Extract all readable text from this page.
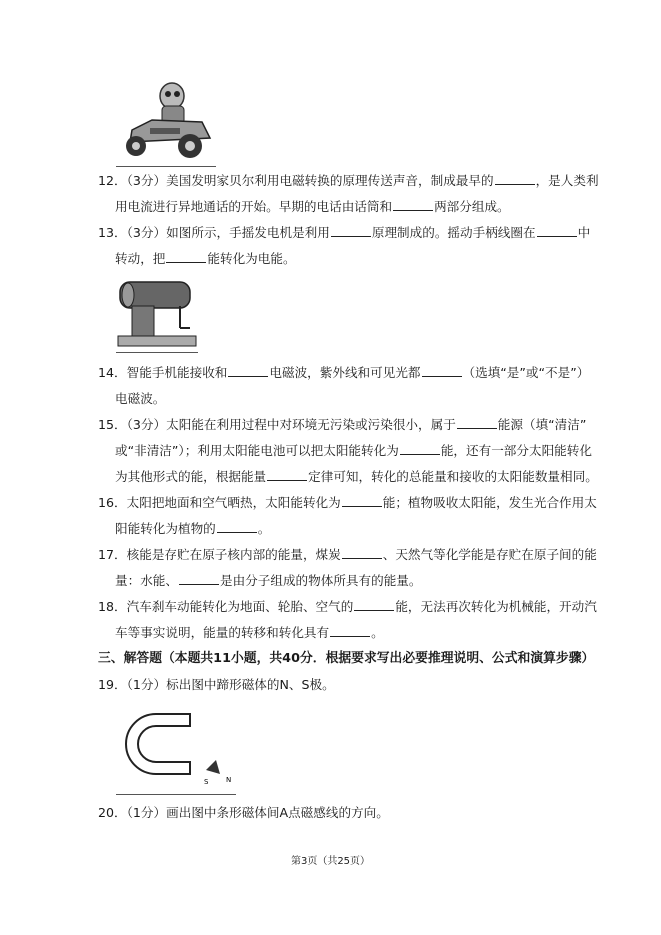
12．（3分）美国发明家贝尔利用电磁转换的原理传送声音，制成最早的	，是人类利
用电流进行异地通话的开始。早期的电话由话筒和	两部分组成。
13．（3分）如图所示，手摇发电机是利用	原理制成的。摇动手柄线圈在	中
转动，把	能转化为电能。
14．智能手机能接收和	电磁波，紫外线和可见光都	（选填“是”或“不是”）
电磁波。
15．（3分）太阳能在利用过程中对环境无污染或污染很小，属于	能源（填“清洁”
或“非清洁”）；利用太阳能电池可以把太阳能转化为	能，还有一部分太阳能转化
为其他形式的能，根据能量	定律可知，转化的总能量和接收的太阳能数量相同。
16．太阳把地面和空气晒热，太阳能转化为	能；植物吸收太阳能，发生光合作用太
阳能转化为植物的	。
17．核能是存贮在原子核内部的能量，煤炭	、天然气等化学能是存贮在原子间的能
量：水能、	是由分子组成的物体所具有的能量。
18．汽车刹车动能转化为地面、轮胎、空气的	能，无法再次转化为机械能，开动汽
车等事实说明，能量的转移和转化具有	。
三、解答题（本题共11小题，共40分．根据要求写出必要推理说明、公式和演算步骤）
19．（1分）标出图中蹄形磁体的N、S极。
S	N
20．（1分）画出图中条形磁体间A点磁感线的方向。
第3页（共25页）
